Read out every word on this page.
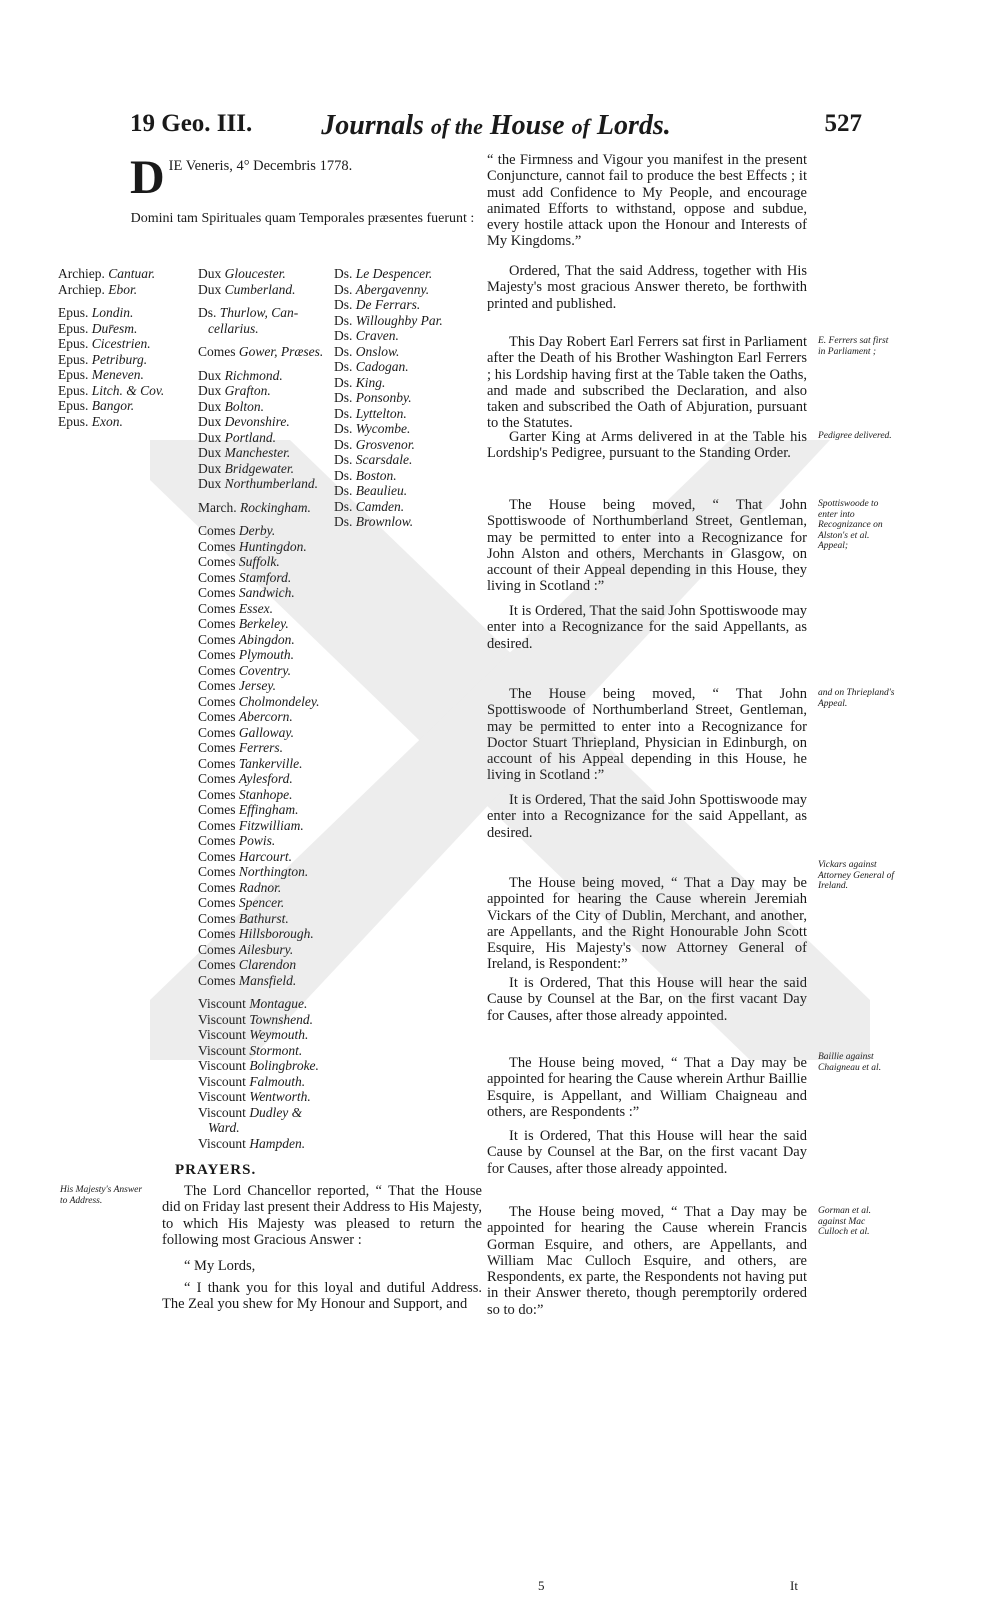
19 Geo. III.	Journals of the House of Lords.	527
D IE Veneris, 4° Decembris 1778.
Domini tam Spirituales quam Temporales præsentes fuerunt :
Archiep. Cantuar.
Archiep. Ebor.
Epus. Londin.
Epus. Dur̄esm.
Epus. Cicestrien.
Epus. Petriburg.
Epus. Meneven.
Epus. Litch. & Cov.
Epus. Bangor.
Epus. Exon.
Dux Gloucester.
Dux Cumberland.
Ds. Thurlow, Can-
cellarius.
Comes Gower, Præses.
Dux Richmond.
Dux Grafton.
Dux Bolton.
Dux Devonshire.
Dux Portland.
Dux Manchester.
Dux Bridgewater.
Dux Northumberland.
March. Rockingham.
Comes Derby.
Comes Huntingdon.
Comes Suffolk.
Comes Stamford.
Comes Sandwich.
Comes Essex.
Comes Berkeley.
Comes Abingdon.
Comes Plymouth.
Comes Coventry.
Comes Jersey.
Comes Cholmondeley.
Comes Abercorn.
Comes Galloway.
Comes Ferrers.
Comes Tankerville.
Comes Aylesford.
Comes Stanhope.
Comes Effingham.
Comes Fitzwilliam.
Comes Powis.
Comes Harcourt.
Comes Northington.
Comes Radnor.
Comes Spencer.
Comes Bathurst.
Comes Hillsborough.
Comes Ailesbury.
Comes Clarendon
Comes Mansfield.
Viscount Montague.
Viscount Townshend.
Viscount Weymouth.
Viscount Stormont.
Viscount Bolingbroke.
Viscount Falmouth.
Viscount Wentworth.
Viscount Dudley &
Ward.
Viscount Hampden.
Ds. Le Despencer.
Ds. Abergavenny.
Ds. De Ferrars.
Ds. Willoughby Par.
Ds. Craven.
Ds. Onslow.
Ds. Cadogan.
Ds. King.
Ds. Ponsonby.
Ds. Lyttelton.
Ds. Wycombe.
Ds. Grosvenor.
Ds. Scarsdale.
Ds. Boston.
Ds. Beaulieu.
Ds. Camden.
Ds. Brownlow.
PRAYERS.
His Majesty's Answer to Address.
The Lord Chancellor reported, “ That the House did on Friday last present their Address to His Majesty, to which His Majesty was pleased to return the following most Gracious Answer :
“ My Lords,
“ I thank you for this loyal and dutiful Address. The Zeal you shew for My Honour and Support, and
“ the Firmness and Vigour you manifest in the present Conjuncture, cannot fail to produce the best Effects ; it must add Confidence to My People, and encourage animated Efforts to withstand, oppose and subdue, every hostile attack upon the Honour and Interests of My Kingdoms.”
Ordered, That the said Address, together with His Majesty's most gracious Answer thereto, be forthwith printed and published.
This Day Robert Earl Ferrers sat first in Parliament after the Death of his Brother Washington Earl Ferrers ; his Lordship having first at the Table taken the Oaths, and made and subscribed the Declaration, and also taken and subscribed the Oath of Abjuration, pursuant to the Statutes.
E. Ferrers sat first in Parliament ;
Garter King at Arms delivered in at the Table his Lordship's Pedigree, pursuant to the Standing Order.
Pedigree delivered.
The House being moved, “ That John Spottiswoode of Northumberland Street, Gentleman, may be permitted to enter into a Recognizance for John Alston and others, Merchants in Glasgow, on account of their Appeal depending in this House, they living in Scotland :”
Spottiswoode to enter into Recognizance on Alston's et al. Appeal;
It is Ordered, That the said John Spottiswoode may enter into a Recognizance for the said Appellants, as desired.
The House being moved, “ That John Spottiswoode of Northumberland Street, Gentleman, may be permitted to enter into a Recognizance for Doctor Stuart Thriepland, Physician in Edinburgh, on account of his Appeal depending in this House, he living in Scotland :”
and on Thriepland's Appeal.
It is Ordered, That the said John Spottiswoode may enter into a Recognizance for the said Appellant, as desired.
The House being moved, “ That a Day may be appointed for hearing the Cause wherein Jeremiah Vickars of the City of Dublin, Merchant, and another, are Appellants, and the Right Honourable John Scott Esquire, His Majesty's now Attorney General of Ireland, is Respondent:”
Vickars against Attorney General of Ireland.
It is Ordered, That this House will hear the said Cause by Counsel at the Bar, on the first vacant Day for Causes, after those already appointed.
The House being moved, “ That a Day may be appointed for hearing the Cause wherein Arthur Baillie Esquire, is Appellant, and William Chaigneau and others, are Respondents :”
Baillie against Chaigneau et al.
It is Ordered, That this House will hear the said Cause by Counsel at the Bar, on the first vacant Day for Causes, after those already appointed.
The House being moved, “ That a Day may be appointed for hearing the Cause wherein Francis Gorman Esquire, and others, are Appellants, and William Mac Culloch Esquire, and others, are Respondents, ex parte, the Respondents not having put in their Answer thereto, though peremptorily ordered so to do:”
Gorman et al. against Mac Culloch et al.
5	It
